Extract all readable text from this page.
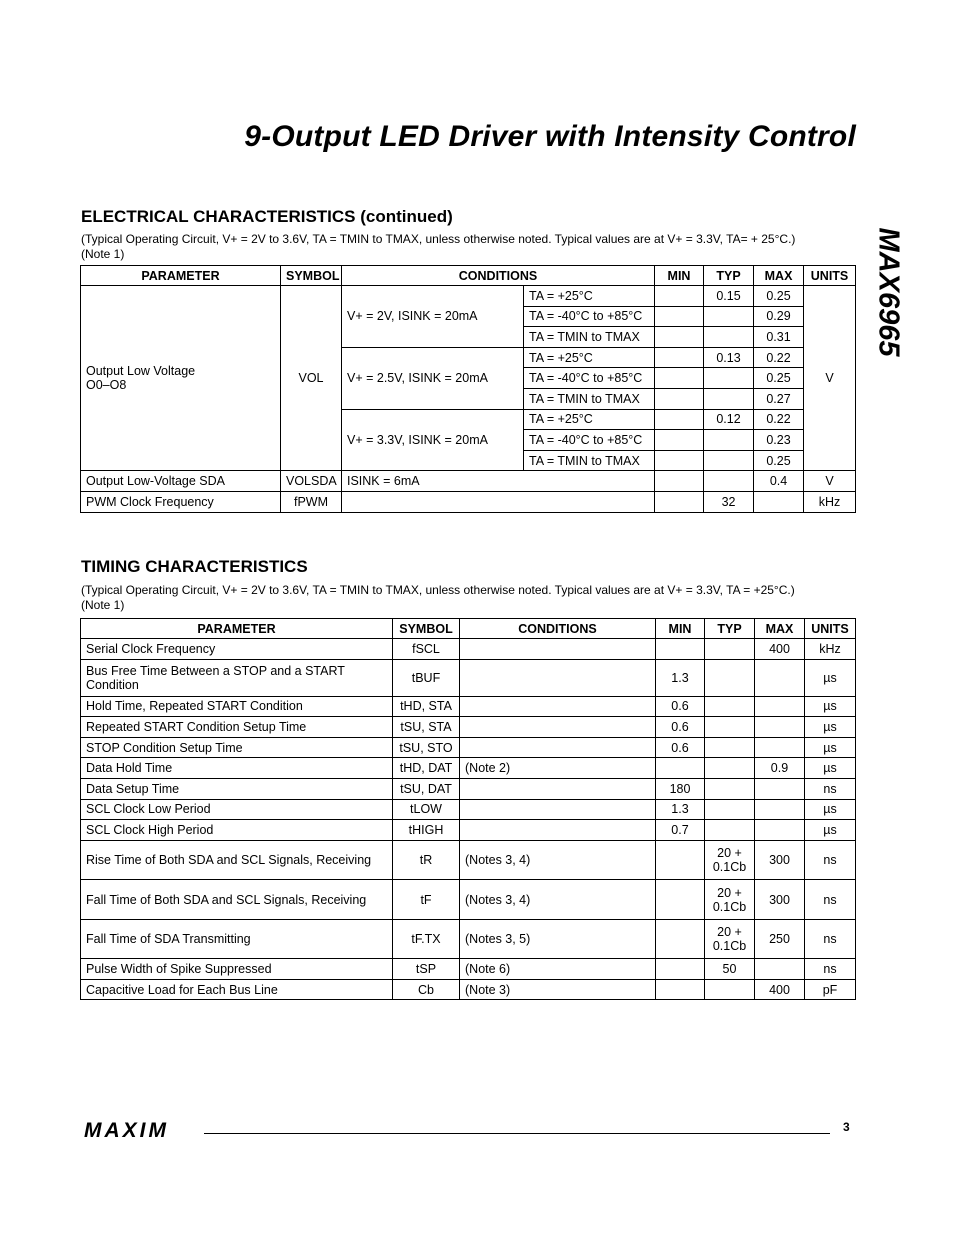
9-Output LED Driver with Intensity Control
MAX6965
ELECTRICAL CHARACTERISTICS (continued)
(Typical Operating Circuit, V+ = 2V to 3.6V, TA = TMIN to TMAX, unless otherwise noted. Typical values are at V+ = 3.3V, TA= + 25°C.)
(Note 1)
PARAMETER	SYMBOL	CONDITIONS		MIN	TYP	MAX	UNITS

Output Low Voltage
O0–O8	VOL	V+ = 2V, ISINK = 20mA	TA = +25°C		0.15	0.25	V
			TA = -40°C to +85°C			0.29	
			TA = TMIN to TMAX			0.31	
		V+ = 2.5V, ISINK = 20mA	TA = +25°C		0.13	0.22	
			TA = -40°C to +85°C			0.25	
			TA = TMIN to TMAX			0.27	
		V+ = 3.3V, ISINK = 20mA	TA = +25°C		0.12	0.22	
			TA = -40°C to +85°C			0.23	
			TA = TMIN to TMAX			0.25	
Output Low-Voltage SDA	VOLSDA	ISINK = 6mA				0.4	V
PWM Clock Frequency	fPWM				32		kHz
TIMING CHARACTERISTICS
(Typical Operating Circuit, V+ = 2V to 3.6V, TA = TMIN to TMAX, unless otherwise noted. Typical values are at V+ = 3.3V, TA = +25°C.)
(Note 1)
PARAMETER	SYMBOL	CONDITIONS	MIN	TYP	MAX	UNITS
Serial Clock Frequency	fSCL				400	kHz
Bus Free Time Between a STOP and a START Condition	tBUF		1.3			µs
Hold Time, Repeated START Condition	tHD, STA		0.6			µs
Repeated START Condition Setup Time	tSU, STA		0.6			µs
STOP Condition Setup Time	tSU, STO		0.6			µs
Data Hold Time	tHD, DAT	(Note 2)			0.9	µs
Data Setup Time	tSU, DAT		180			ns
SCL Clock Low Period	tLOW		1.3			µs
SCL Clock High Period	tHIGH		0.7			µs
Rise Time of Both SDA and SCL Signals, Receiving	tR	(Notes 3, 4)		20 +
0.1Cb	300	ns
Fall Time of Both SDA and SCL Signals, Receiving	tF	(Notes 3, 4)		20 +
0.1Cb	300	ns
Fall Time of SDA Transmitting	tF.TX	(Notes 3, 5)		20 +
0.1Cb	250	ns
Pulse Width of Spike Suppressed	tSP	(Note 6)		50		ns
Capacitive Load for Each Bus Line	Cb	(Note 3)			400	pF
MAXIM	3
